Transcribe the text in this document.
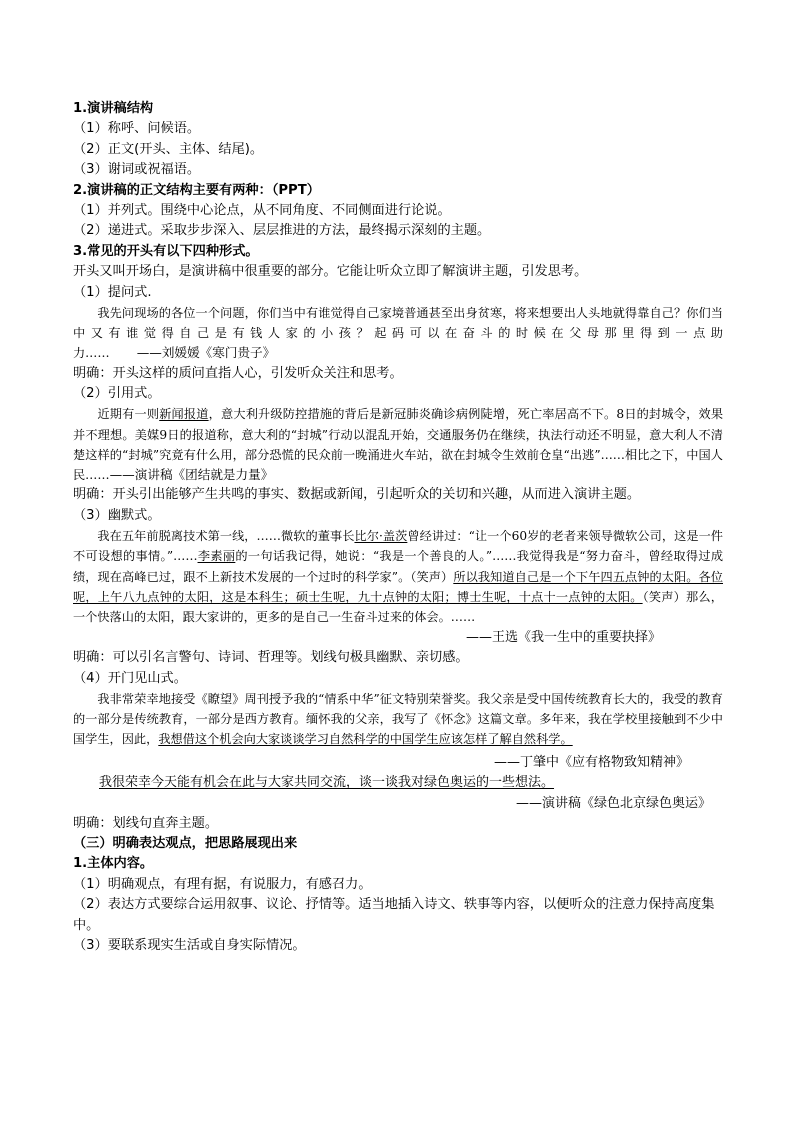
1.演讲稿结构
（1）称呼、问候语。
（2）正文(开头、主体、结尾)。
（3）谢词或祝福语。
2.演讲稿的正文结构主要有两种：（PPT）
（1）并列式。围绕中心论点，从不同角度、不同侧面进行论说。
（2）递进式。采取步步深入、层层推进的方法，最终揭示深刻的主题。
3.常见的开头有以下四种形式。
开头又叫开场白，是演讲稿中很重要的部分。它能让听众立即了解演讲主题，引发思考。
（1）提问式.
我先问现场的各位一个问题，你们当中有谁觉得自己家境普通甚至出身贫寒，将来想要出人头地就得靠自己？你们当中又有谁觉得自己是有钱人家的小孩？起码可以在奋斗的时候在父母那里得到一点助力…… ——刘媛媛《寒门贵子》
明确：开头这样的质问直指人心，引发听众关注和思考。
（2）引用式。
近期有一则新闻报道，意大利升级防控措施的背后是新冠肺炎确诊病例陡增，死亡率居高不下。8日的封城令，效果并不理想。美媒9日的报道称，意大利的“封城”行动以混乱开始，交通服务仍在继续，执法行动还不明显，意大利人不清楚这样的“封城”究竟有什么用，部分恐慌的民众前一晚涌进火车站，欲在封城令生效前仓皇“出逃”……相比之下，中国人民……——演讲稿《团结就是力量》
明确：开头引出能够产生共鸣的事实、数据或新闻，引起听众的关切和兴趣，从而进入演讲主题。
（3）幽默式。
我在五年前脱离技术第一线，……微软的董事长比尔·盖茨曾经讲过：“让一个60岁的老者来领导微软公司，这是一件不可设想的事情。”……李素丽的一句话我记得，她说：“我是一个善良的人。”……我觉得我是“努力奋斗，曾经取得过成绩，现在高峰已过，跟不上新技术发展的一个过时的科学家”。（笑声）所以我知道自己是一个下午四五点钟的太阳。各位呢，上午八九点钟的太阳，这是本科生；硕士生呢，九十点钟的太阳；博士生呢，十点十一点钟的太阳。（笑声）那么，一个快落山的太阳，跟大家讲的，更多的是自己一生奋斗过来的体会。……
——王选《我一生中的重要抉择》
明确：可以引名言警句、诗词、哲理等。划线句极具幽默、亲切感。
（4）开门见山式。
我非常荣幸地接受《瞭望》周刊授予我的“情系中华”征文特别荣誉奖。我父亲是受中国传统教育长大的，我受的教育的一部分是传统教育，一部分是西方教育。缅怀我的父亲，我写了《怀念》这篇文章。多年来，我在学校里接触到不少中国学生，因此，我想借这个机会向大家谈谈学习自然科学的中国学生应该怎样了解自然科学。
——丁肇中《应有格物致知精神》
我很荣幸今天能有机会在此与大家共同交流，谈一谈我对绿色奥运的一些想法。
——演讲稿《绿色北京绿色奥运》
明确：划线句直奔主题。
（三）明确表达观点，把思路展现出来
1.主体内容。
（1）明确观点，有理有据，有说服力，有感召力。
（2）表达方式要综合运用叙事、议论、抒情等。适当地插入诗文、轶事等内容，以便听众的注意力保持高度集中。
（3）要联系现实生活或自身实际情况。
